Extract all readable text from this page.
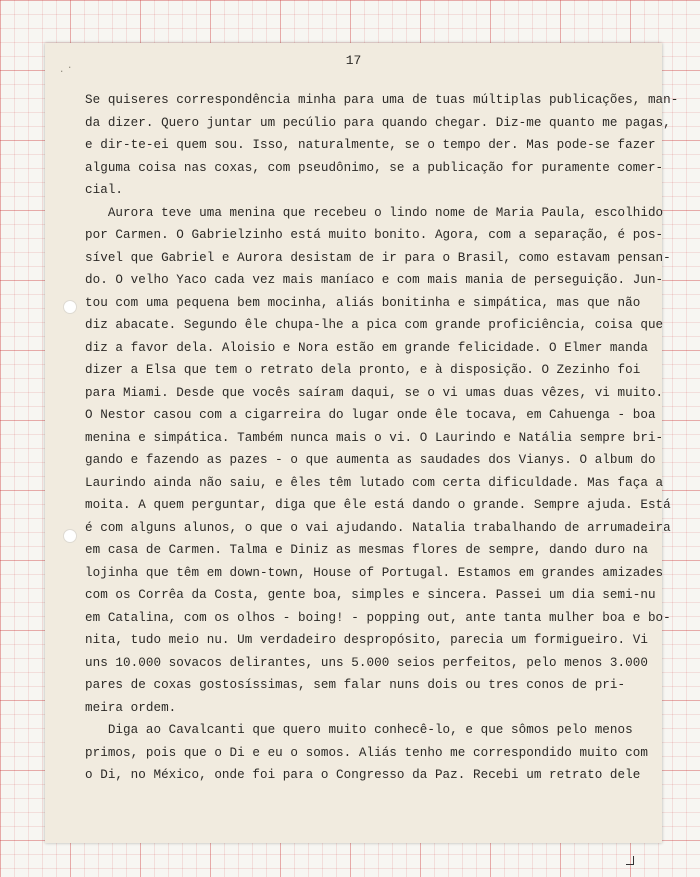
17
· ·
Se quiseres correspondência minha para uma de tuas múltiplas publicações, man-
da dizer. Quero juntar um pecúlio para quando chegar. Diz-me quanto me pagas,
e dir-te-ei quem sou. Isso, naturalmente, se o tempo der. Mas pode-se fazer
alguma coisa nas coxas, com pseudônimo, se a publicação for puramente comer-
cial.
Aurora teve uma menina que recebeu o lindo nome de Maria Paula, escolhido
por Carmen. O Gabrielzinho está muito bonito. Agora, com a separação, é pos-
sível que Gabriel e Aurora desistam de ir para o Brasil, como estavam pensan-
do. O velho Yaco cada vez mais maníaco e com mais mania de perseguição. Jun-
tou com uma pequena bem mocinha, aliás bonitinha e simpática, mas que não
diz abacate. Segundo êle chupa-lhe a pica com grande proficiência, coisa que
diz a favor dela. Aloisio e Nora estão em grande felicidade. O Elmer manda
dizer a Elsa que tem o retrato dela pronto, e à disposição. O Zezinho foi
para Miami. Desde que vocês saíram daqui, se o vi umas duas vêzes, vi muito.
O Nestor casou com a cigarreira do lugar onde êle tocava, em Cahuenga - boa
menina e simpática. Também nunca mais o vi. O Laurindo e Natália sempre bri-
gando e fazendo as pazes - o que aumenta as saudades dos Vianys. O album do
Laurindo ainda não saiu, e êles têm lutado com certa dificuldade. Mas faça a
moita. A quem perguntar, diga que êle está dando o grande. Sempre ajuda. Está
é com alguns alunos, o que o vai ajudando. Natalia trabalhando de arrumadeira
em casa de Carmen. Talma e Diniz as mesmas flores de sempre, dando duro na
lojinha que têm em down-town, House of Portugal. Estamos em grandes amizades
com os Corrêa da Costa, gente boa, simples e sincera. Passei um dia semi-nu
em Catalina, com os olhos - boing! - popping out, ante tanta mulher boa e bo-
nita, tudo meio nu. Um verdadeiro despropósito, parecia um formigueiro. Vi
uns 10.000 sovacos delirantes, uns 5.000 seios perfeitos, pelo menos 3.000
pares de coxas gostosíssimas, sem falar nuns dois ou tres conos de pri-
meira ordem.
Diga ao Cavalcanti que quero muito conhecê-lo, e que sômos pelo menos
primos, pois que o Di e eu o somos. Aliás tenho me correspondido muito com
o Di, no México, onde foi para o Congresso da Paz. Recebi um retrato dele
